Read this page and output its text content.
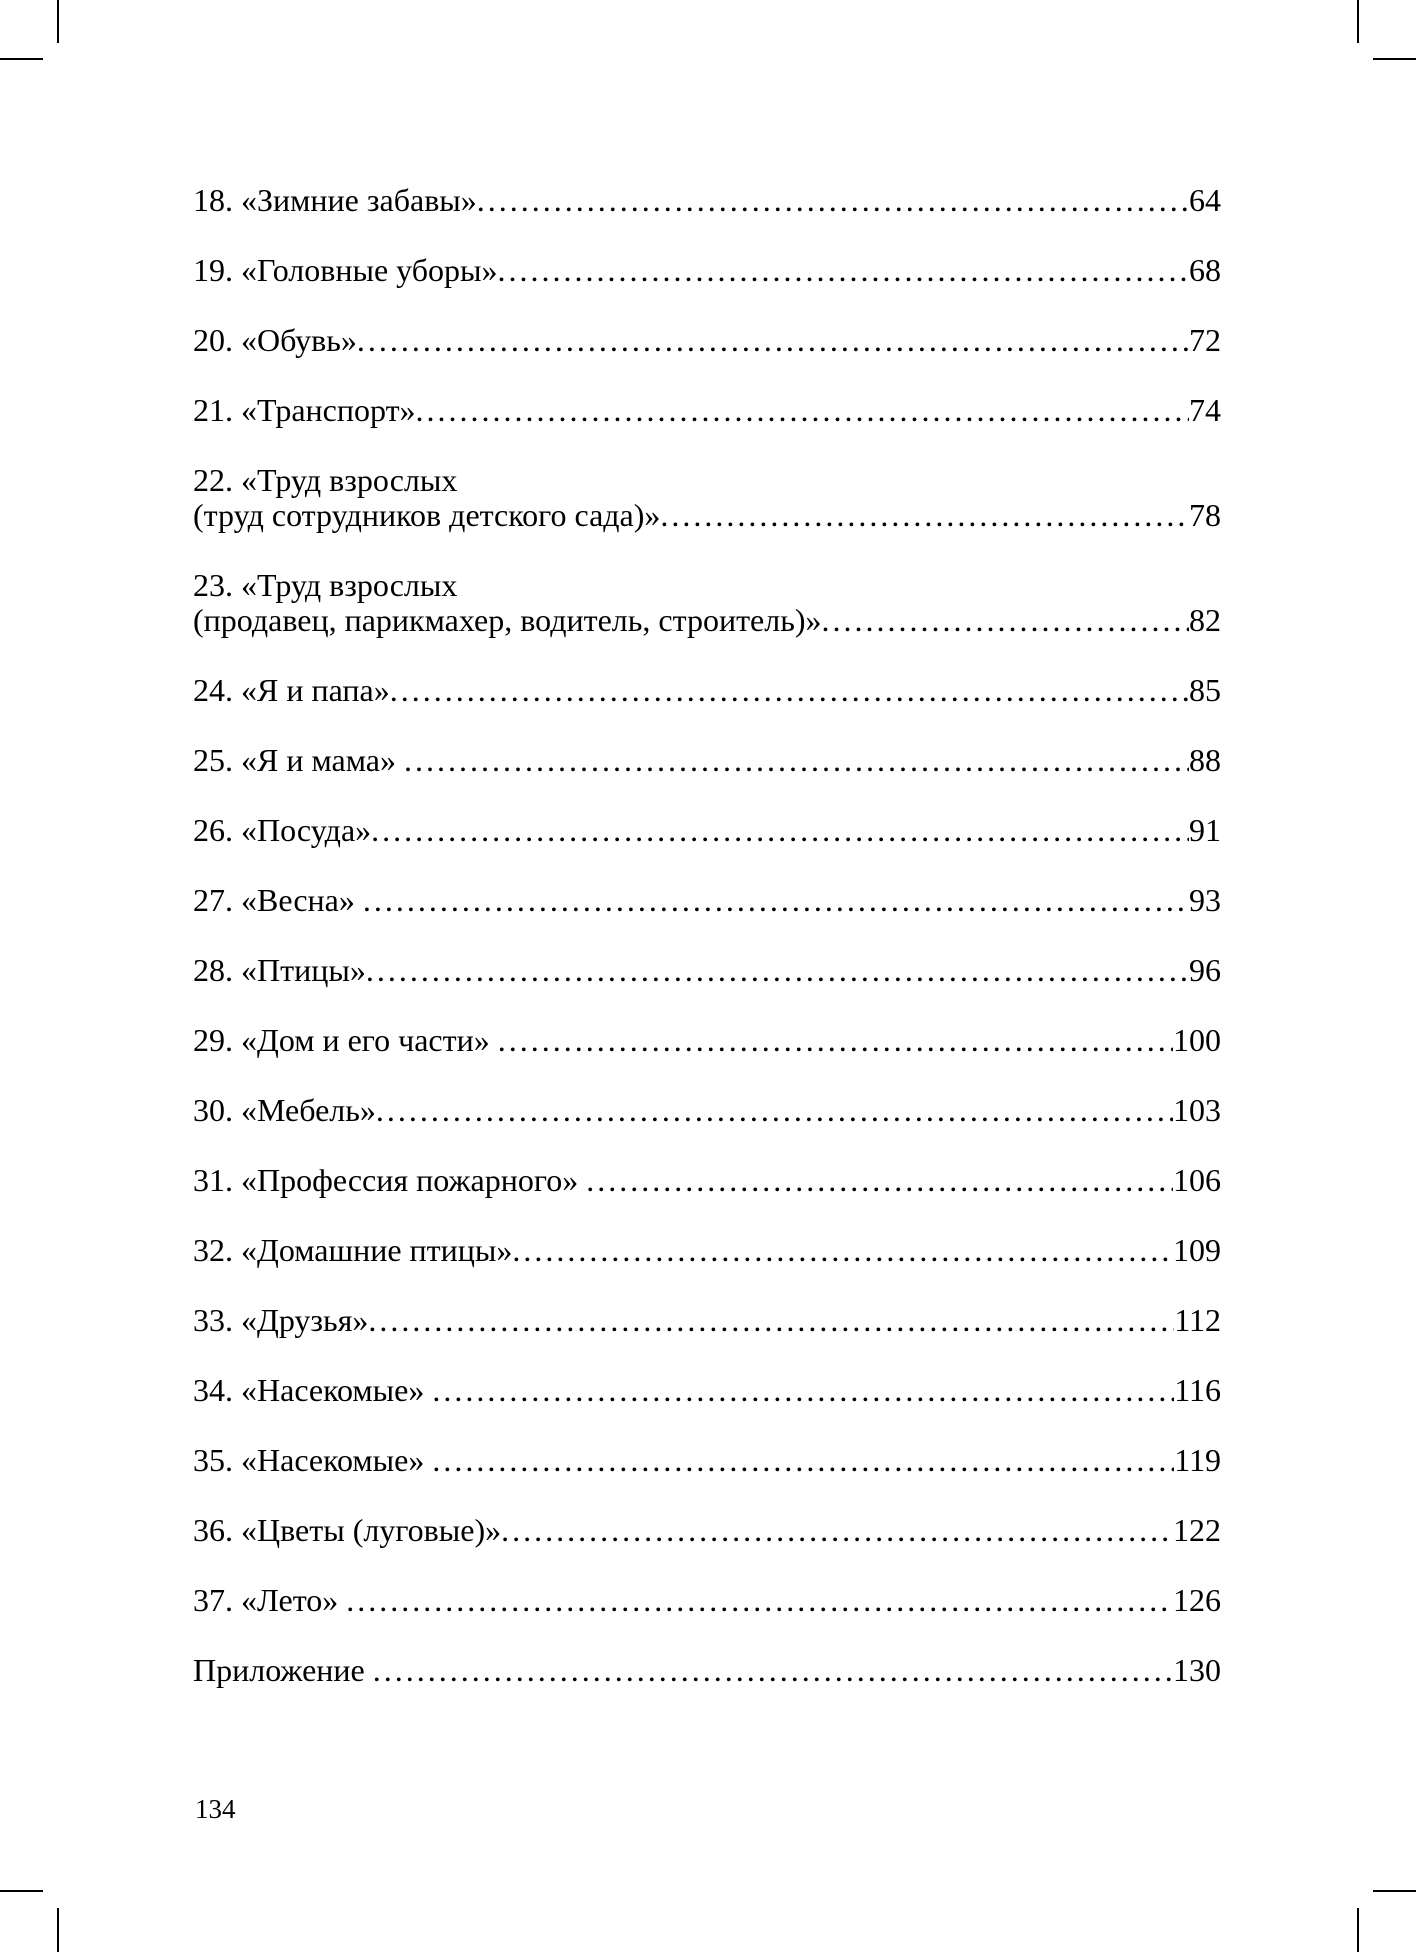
18. «Зимние забавы» .....	64
19. «Головные уборы» .....	68
20. «Обувь» .....	72
21. «Транспорт» .....	74
22. «Труд взрослых
(труд сотрудников детского сада)» .....	78
23. «Труд взрослых
(продавец, парикмахер, водитель, строитель)» .....	82
24. «Я и папа» .....	85
25. «Я и мама» .....	88
26. «Посуда» .....	91
27. «Весна» .....	93
28. «Птицы» .....	96
29. «Дом и его части» .....	100
30. «Мебель» .....	103
31. «Профессия пожарного» .....	106
32. «Домашние птицы» .....	109
33. «Друзья» .....	112
34. «Насекомые» .....	116
35. «Насекомые» .....	119
36. «Цветы (луговые)» .....	122
37. «Лето» .....	126
Приложение .....	130
134
